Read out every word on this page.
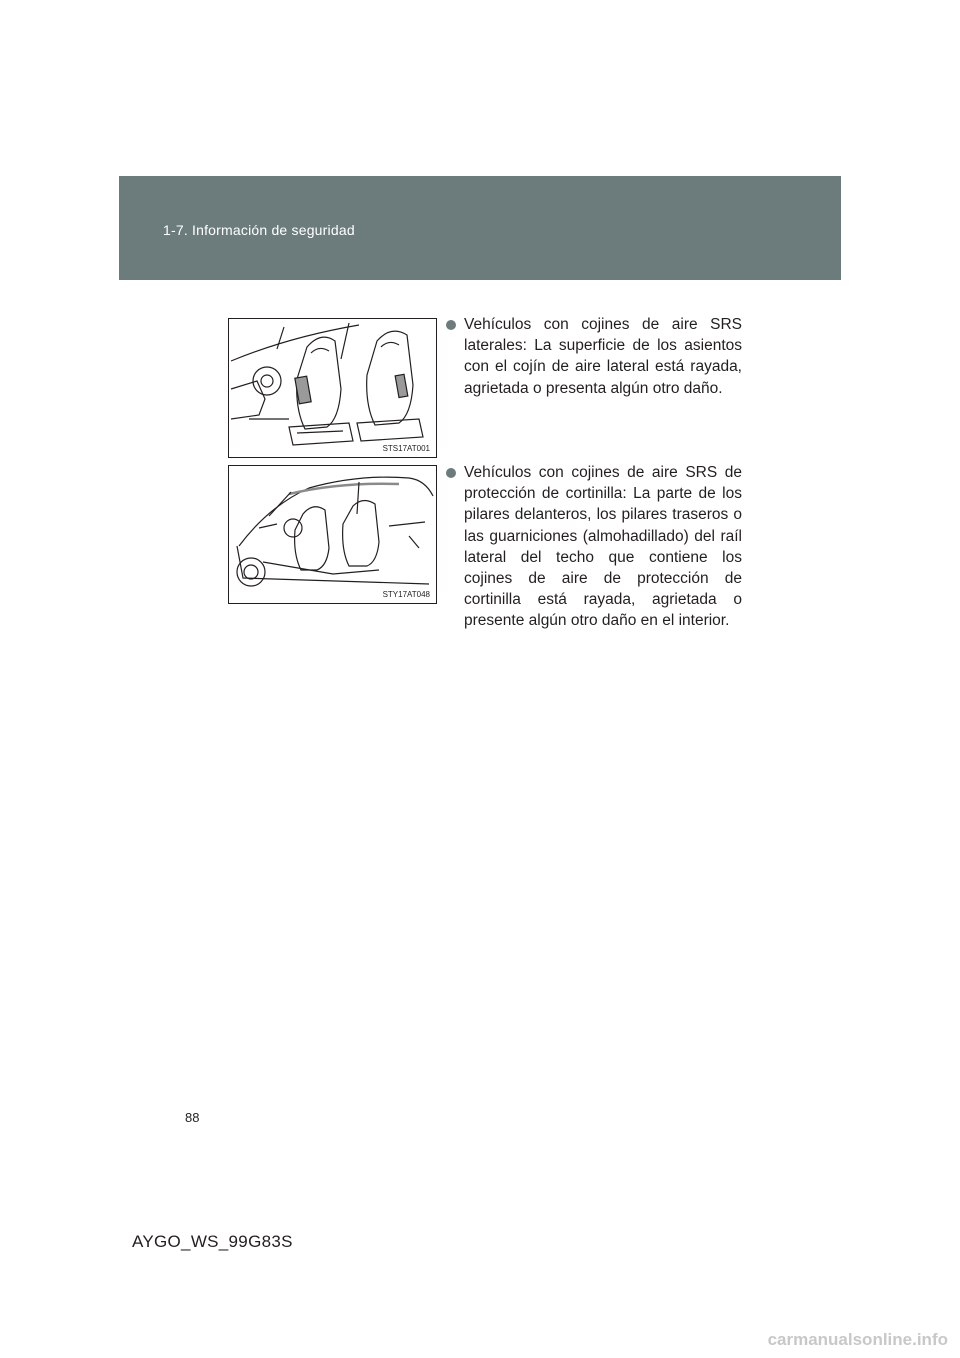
1-7. Información de seguridad
STS17AT001
STY17AT048
Vehículos con cojines de aire SRS laterales: La superficie de los asientos con el cojín de aire lateral está rayada, agrietada o presenta algún otro daño.
Vehículos con cojines de aire SRS de protección de cortinilla: La parte de los pilares delanteros, los pilares traseros o las guarniciones (almohadillado) del raíl lateral del techo que contiene los cojines de aire de protección de cortinilla está rayada, agrietada o presente algún otro daño en el interior.
88
AYGO_WS_99G83S
carmanualsonline.info
